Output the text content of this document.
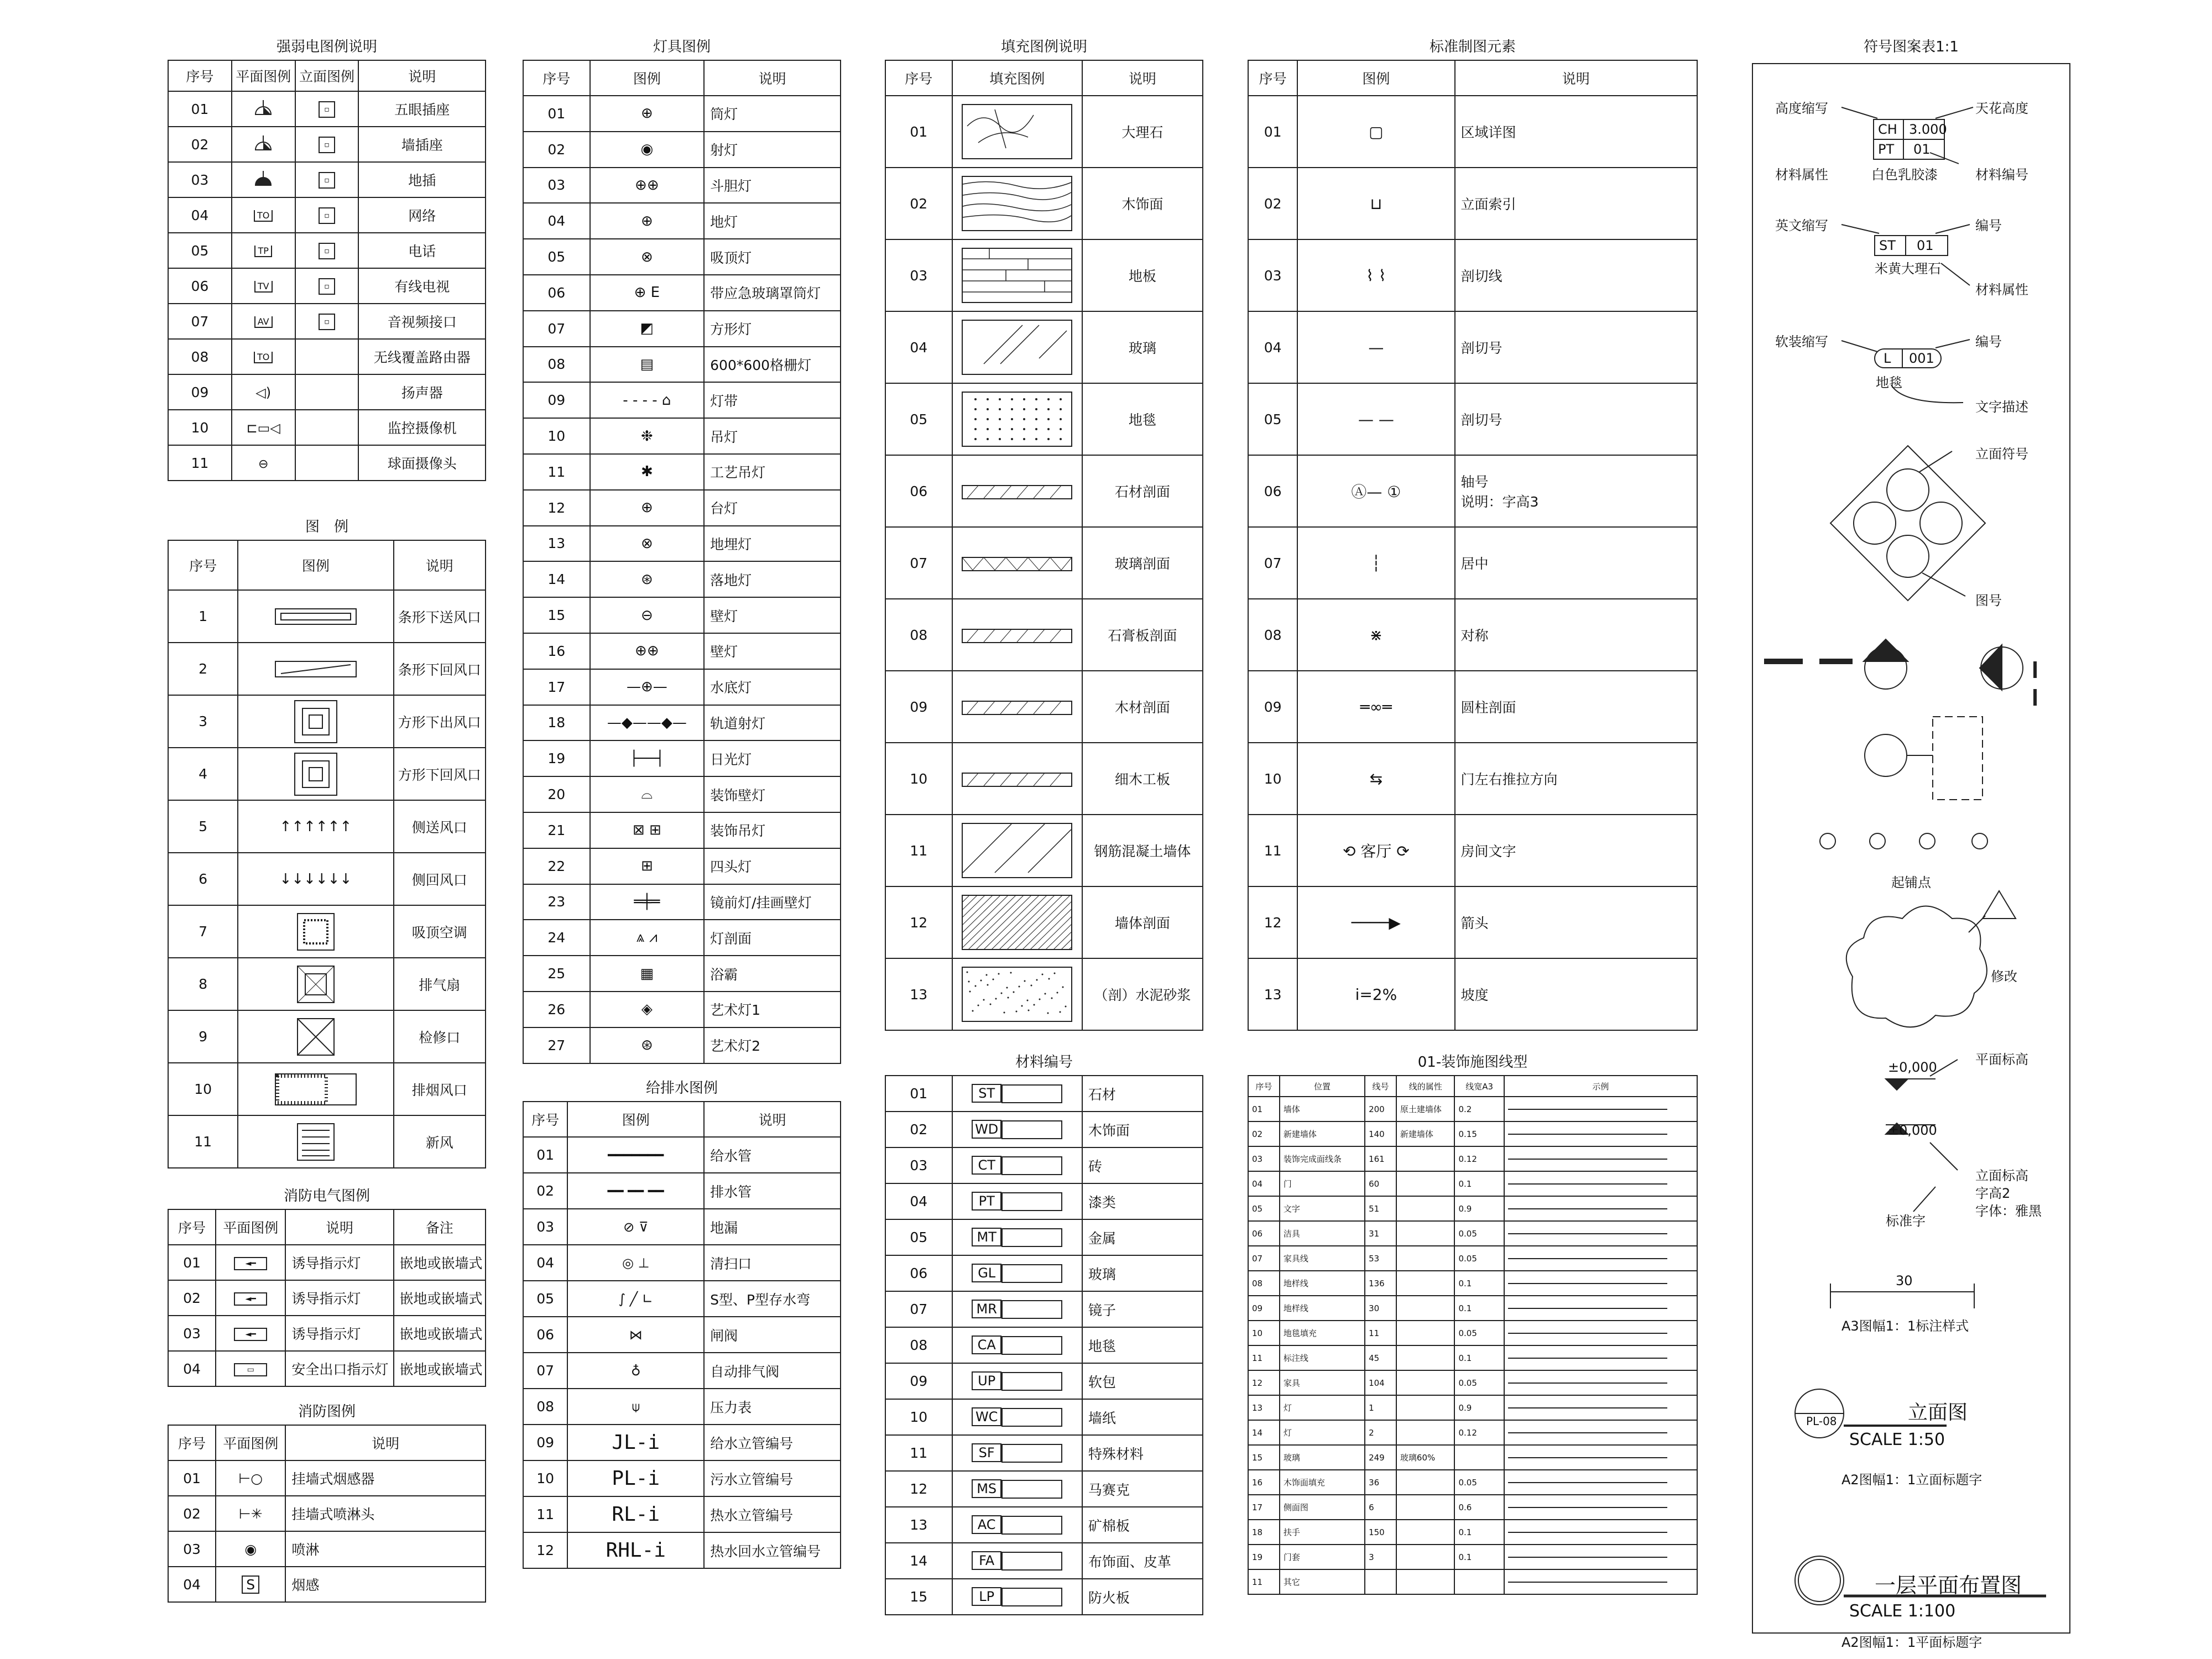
强弱电图例说明
序号	平面图例	立面图例	说明
01		▫	五眼插座
02		▫	墙插座
03		▫	地插
04	TO	▫	网络
05	TP	▫	电话
06	TV	▫	有线电视
07	AV	▫	音视频接口
08	TO		无线覆盖路由器
09	◁)		扬声器
10	⊏▭◁		监控摄像机
11	⊖		球面摄像头
图　例
序号	图例	说明
1		条形下送风口
2		条形下回风口
3		方形下出风口
4		方形下回风口
5	↑↑↑↑↑↑	侧送风口
6	↓↓↓↓↓↓	侧回风口
7		吸顶空调
8		排气扇
9		检修口
10		排烟风口
11		新风
消防电气图例
序号	平面图例	说明	备注
01	◄━	诱导指示灯	嵌地或嵌墙式
02	◄━	诱导指示灯	嵌地或嵌墙式
03	◄━	诱导指示灯	嵌地或嵌墙式
04	▭	安全出口指示灯	嵌地或嵌墙式
消防图例
序号	平面图例	说明
01	⊢○	挂墙式烟感器
02	⊢✳	挂墙式喷淋头
03	◉	喷淋
04	S	烟感
灯具图例
序号	图例	说明
01	⊕	筒灯
02	◉	射灯
03	⊕⊕	斗胆灯
04	⊕	地灯
05	⊗	吸顶灯
06	⊕ E	带应急玻璃罩筒灯
07	◩	方形灯
08	▤	600*600格栅灯
09	- - - - ⌂	灯带
10	❉	吊灯
11	✱	工艺吊灯
12	⊕	台灯
13	⊗	地埋灯
14	⊛	落地灯
15	⊖	壁灯
16	⊕⊕	壁灯
17	—⊕—	水底灯
18	—◆——◆—	轨道射灯
19	├──┤	日光灯
20	⌓	装饰壁灯
21	⊠ ⊞	装饰吊灯
22	⊞	四头灯
23	═╪═	镜前灯/挂画壁灯
24	⩓ ⩘	灯剖面
25	▦	浴霸
26	◈	艺术灯1
27	⊛	艺术灯2
给排水图例
序号	图例	说明
01	━━━━━━━	给水管
02	━━ ━━ ━━	排水管
03	⊘ ⊽	地漏
04	◎ ⊥	清扫口
05	∫ ╱ ∟	S型、P型存水弯
06	⋈	闸阀
07	♁	自动排气阀
08	⍦	压力表
09	JL-i	给水立管编号
10	PL-i	污水立管编号
11	RL-i	热水立管编号
12	RHL-i	热水回水立管编号
填充图例说明
序号	填充图例	说明
01		大理石
02		木饰面
03		地板
04		玻璃
05		地毯
06		石材剖面
07		玻璃剖面
08		石膏板剖面
09		木材剖面
10		细木工板
11		钢筋混凝土墙体
12		墙体剖面
13		（剖）水泥砂浆
材料编号
01	ST	石材
02	WD	木饰面
03	CT	砖
04	PT	漆类
05	MT	金属
06	GL	玻璃
07	MR	镜子
08	CA	地毯
09	UP	软包
10	WC	墙纸
11	SF	特殊材料
12	MS	马赛克
13	AC	矿棉板
14	FA	布饰面、皮革
15	LP	防火板
标准制图元素
序号	图例	说明
01	▢	区域详图

02	⊔	立面索引

03	⌇ ⌇	剖切线

04	—	剖切号

05	— —	剖切号

06	Ⓐ— ①	轴号
说明：字高3

07	┆	居中

08	⋇	对称

09	═∞═	圆柱剖面

10	⇆	门左右推拉方向

11	⟲ 客厅 ⟳	房间文字

12	────▶	箭头

13	i=2%	坡度
01-装饰施图线型
序号	位置	线号	线的属性	线宽A3	示例
01	墙体	200	原土建墙体	0.2	
02	新建墙体	140	新建墙体	0.15	
03	装饰完成面线条	161		0.12	
04	门	60		0.1	
05	文字	51		0.9	
06	洁具	31		0.05	
07	家具线	53		0.05	
08	地样线	136		0.1	
09	地样线	30		0.1	
10	地毯填充	11		0.05	
11	标注线	45		0.1	
12	家具	104		0.05	
13	灯	1		0.9	
14	灯	2		0.12	
15	玻璃	249	玻璃60%		
16	木饰面填充	36		0.05	
17	侧面图	6		0.6	
18	扶手	150		0.1	
19	门套	3		0.1	
11	其它				
符号图案表1:1
高度缩写	天花高度
CH 3.000
PT 01
材料属性	白色乳胶漆	材料编号
英文缩写	编号
ST 01
米黄大理石
材料属性
软装缩写	编号
L 001
地毯
文字描述
立面符号
图号
起铺点
修改
平面标高
±0,000
±0,000
立面标高
字高2
字体：雅黑
标准字
30
A3图幅1：1标注样式
立面图
PL-08
SCALE 1:50
A2图幅1：1立面标题字
一层平面布置图
SCALE 1:100
A2图幅1：1平面标题字
